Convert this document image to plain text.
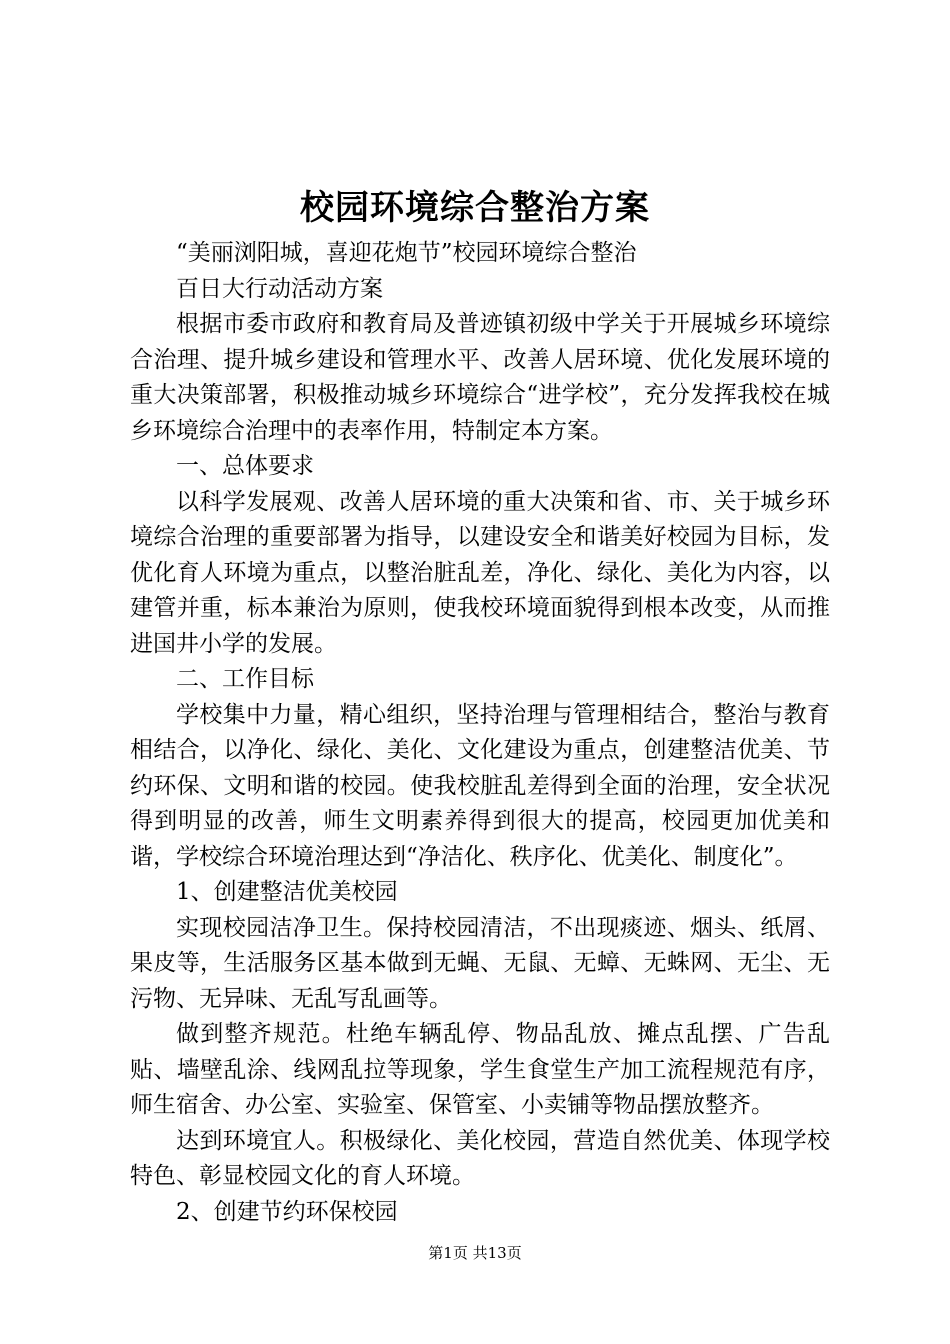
校园环境综合整治方案

“美丽浏阳城，喜迎花炮节”校园环境综合整治

百日大行动活动方案

根据市委市政府和教育局及普迹镇初级中学关于开展城乡环境综合治理、提升城乡建设和管理水平、改善人居环境、优化发展环境的重大决策部署，积极推动城乡环境综合“进学校”，充分发挥我校在城乡环境综合治理中的表率作用，特制定本方案。

一、总体要求

以科学发展观、改善人居环境的重大决策和省、市、关于城乡环境综合治理的重要部署为指导，以建设安全和谐美好校园为目标，发优化育人环境为重点，以整治脏乱差，净化、绿化、美化为内容，以建管并重，标本兼治为原则，使我校环境面貌得到根本改变，从而推进国井小学的发展。

二、工作目标

学校集中力量，精心组织，坚持治理与管理相结合，整治与教育相结合，以净化、绿化、美化、文化建设为重点，创建整洁优美、节约环保、文明和谐的校园。使我校脏乱差得到全面的治理，安全状况得到明显的改善，师生文明素养得到很大的提高，校园更加优美和谐，学校综合环境治理达到“净洁化、秩序化、优美化、制度化”。

1、创建整洁优美校园

实现校园洁净卫生。保持校园清洁，不出现痰迹、烟头、纸屑、果皮等，生活服务区基本做到无蝇、无鼠、无蟑、无蛛网、无尘、无污物、无异味、无乱写乱画等。

做到整齐规范。杜绝车辆乱停、物品乱放、摊点乱摆、广告乱贴、墙壁乱涂、线网乱拉等现象，学生食堂生产加工流程规范有序，师生宿舍、办公室、实验室、保管室、小卖铺等物品摆放整齐。

达到环境宜人。积极绿化、美化校园，营造自然优美、体现学校特色、彰显校园文化的育人环境。

2、创建节约环保校园

第1页 共13页
